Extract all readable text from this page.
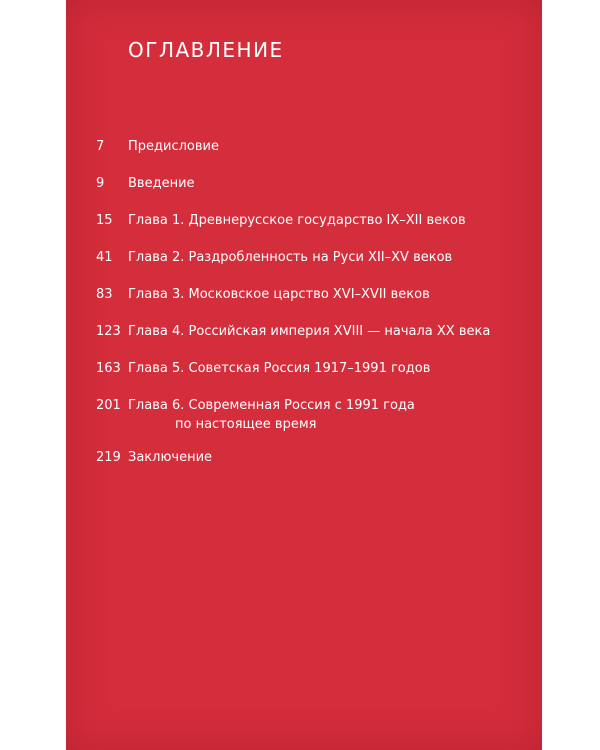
ОГЛАВЛЕНИЕ
7	Предисловие
9	Введение
15	Глава 1. Древнерусское государство IX–XII веков
41	Глава 2. Раздробленность на Руси XII–XV веков
83	Глава 3. Московское царство XVI–XVII веков
123 Глава 4. Российская империя XVIII — начала XX века
163 Глава 5. Советская Россия 1917–1991 годов
201 Глава 6. Современная Россия с 1991 года
по настоящее время
219 Заключение
